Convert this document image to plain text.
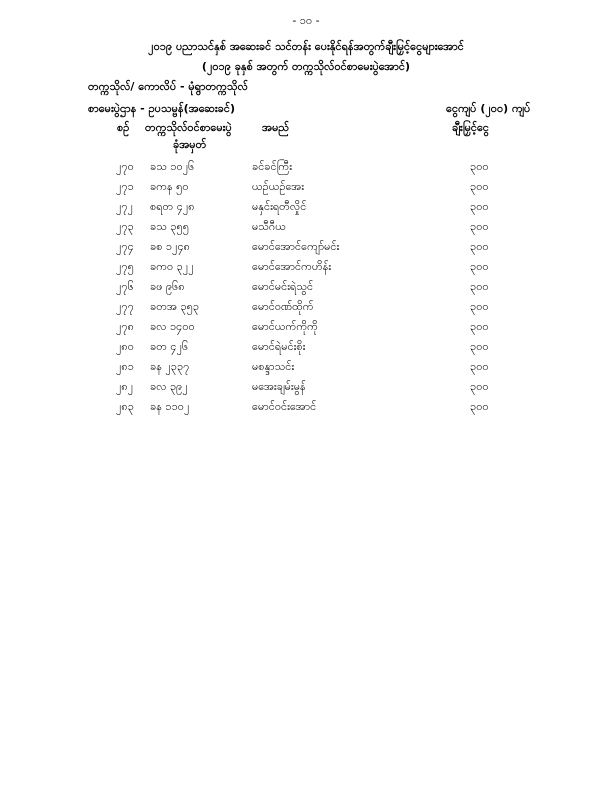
- ၁၀ -
၂၀၁၉ ပညာသင်နှစ် အဆေးခင် သင်တန်း ပေးနိုင်ရန်အတွက်ချီးမြှင့်ငွေများအောင်
(၂၀၁၉ ခုနှစ် အတွက် တက္ကသိုလ်ဝင်စာမေးပွဲအောင်)
တက္ကသိုလ်/ ကောလိပ် - မုံရွာတက္ကသိုလ်
စာမေးပွဲဌာန - ဥပသမ္ဗန်(အဆေးခင်)	ငွေကျပ် (၂၀၀) ကျပ်
စဉ် တက္ကသိုလ်ဝင်စာမေးပွဲ
ခုံအမှတ်
အမည်	ချီးမြှင့်ငွေ
၂၇၀ ခသ ၁၀၂၆	ခင်ခင်ကြီး	၃၀၀
၂၇၁ ခကန ၅၀	ယဉ်ယဉ်အေး	၃၀၀
၂၇၂ စရတ ၄၂၈	မနှင်းရတီလှိုင်	၃၀၀
၂၇၃ ခသ ၃၅၅	မသီဂီယ	၃၀၀
၂၇၄ ခစ ၁၂၄၈	မောင်အောင်ကျော်မင်း	၃၀၀
၂၇၅ ခကဝ ၃၂၂	မောင်အောင်ကဟိန်း	၃၀၀
၂၇၆ ခဖ ၉၆၈	မောင်မင်းရဲသွင်	၃၀၀
၂၇၇ ခတအ ၃၅၃	မောင်ဝဏ်ထိုက်	၃၀၀
၂၇၈ ခလ ၁၄၀၀	မောင်ယက်ကိုကို	၃၀၀
၂၈၀ ခတ ၄၂၆	မောင်ရဲမင်းစိုး	၃၀၀
၂၈၁ ခန ၂၃၃၇	မစန္ဒာသင်း	၃၀၀
၂၈၂ ခလ ၃၉၂	မအေးချမ်းမွန်	၃၀၀
၂၈၃ ခန ၁၁၀၂	မောင်ဝင်းအောင်	၃၀၀
